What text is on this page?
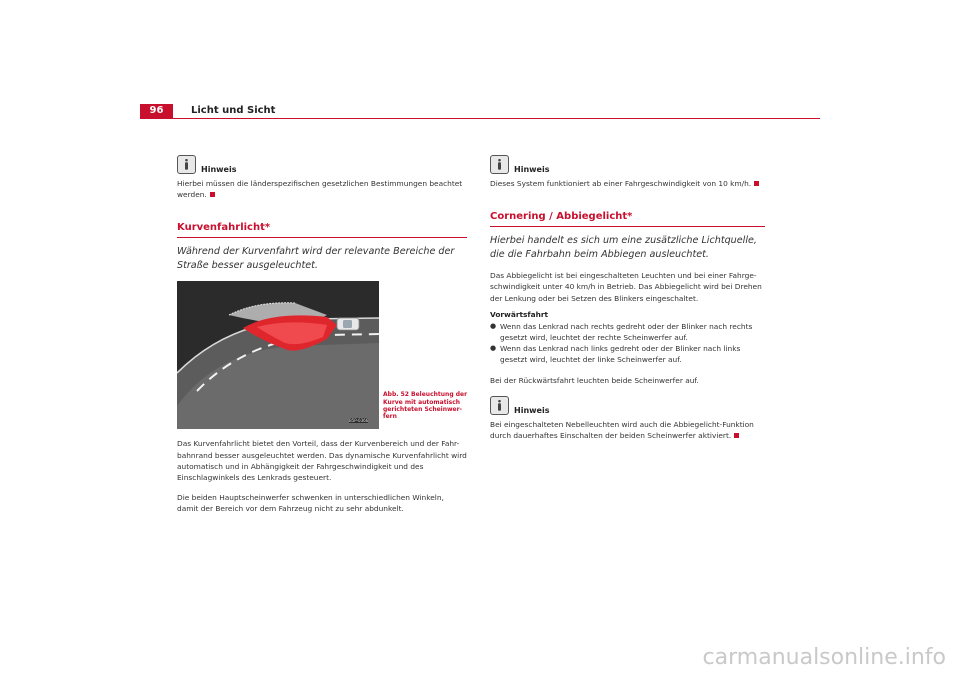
96	Licht und Sicht
Hinweis

Hierbei müssen die länderspezifischen gesetzlichen Bestimmungen beachtet werden.

Kurvenfahrlicht*
Während der Kurvenfahrt wird der relevante Bereiche der Straße besser ausgeleuchtet.
B5P-0366
Abb. 52 Beleuchtung der Kurve mit automatisch gerichteten Scheinwer-fern

Das Kurvenfahrlicht bietet den Vorteil, dass der Kurvenbereich und der Fahr-bahnrand besser ausgeleuchtet werden. Das dynamische Kurvenfahrlicht wird automatisch und in Abhängigkeit der Fahrgeschwindigkeit und des Einschlagwinkels des Lenkrads gesteuert.

Die beiden Hauptscheinwerfer schwenken in unterschiedlichen Winkeln, damit der Bereich vor dem Fahrzeug nicht zu sehr abdunkelt.

Hinweis

Dieses System funktioniert ab einer Fahrgeschwindigkeit von 10 km/h.

Cornering / Abbiegelicht*
Hierbei handelt es sich um eine zusätzliche Lichtquelle, die die Fahrbahn beim Abbiegen ausleuchtet.

Das Abbiegelicht ist bei eingeschalteten Leuchten und bei einer Fahrge-schwindigkeit unter 40 km/h in Betrieb. Das Abbiegelicht wird bei Drehen der Lenkung oder bei Setzen des Blinkers eingeschaltet.

Vorwärtsfahrt
● Wenn das Lenkrad nach rechts gedreht oder der Blinker nach rechts gesetzt wird, leuchtet der rechte Scheinwerfer auf.
● Wenn das Lenkrad nach links gedreht oder der Blinker nach links gesetzt wird, leuchtet der linke Scheinwerfer auf.

Bei der Rückwärtsfahrt leuchten beide Scheinwerfer auf.

Hinweis

Bei eingeschalteten Nebelleuchten wird auch die Abbiegelicht-Funktion durch dauerhaftes Einschalten der beiden Scheinwerfer aktiviert.

carmanualsonline.info
